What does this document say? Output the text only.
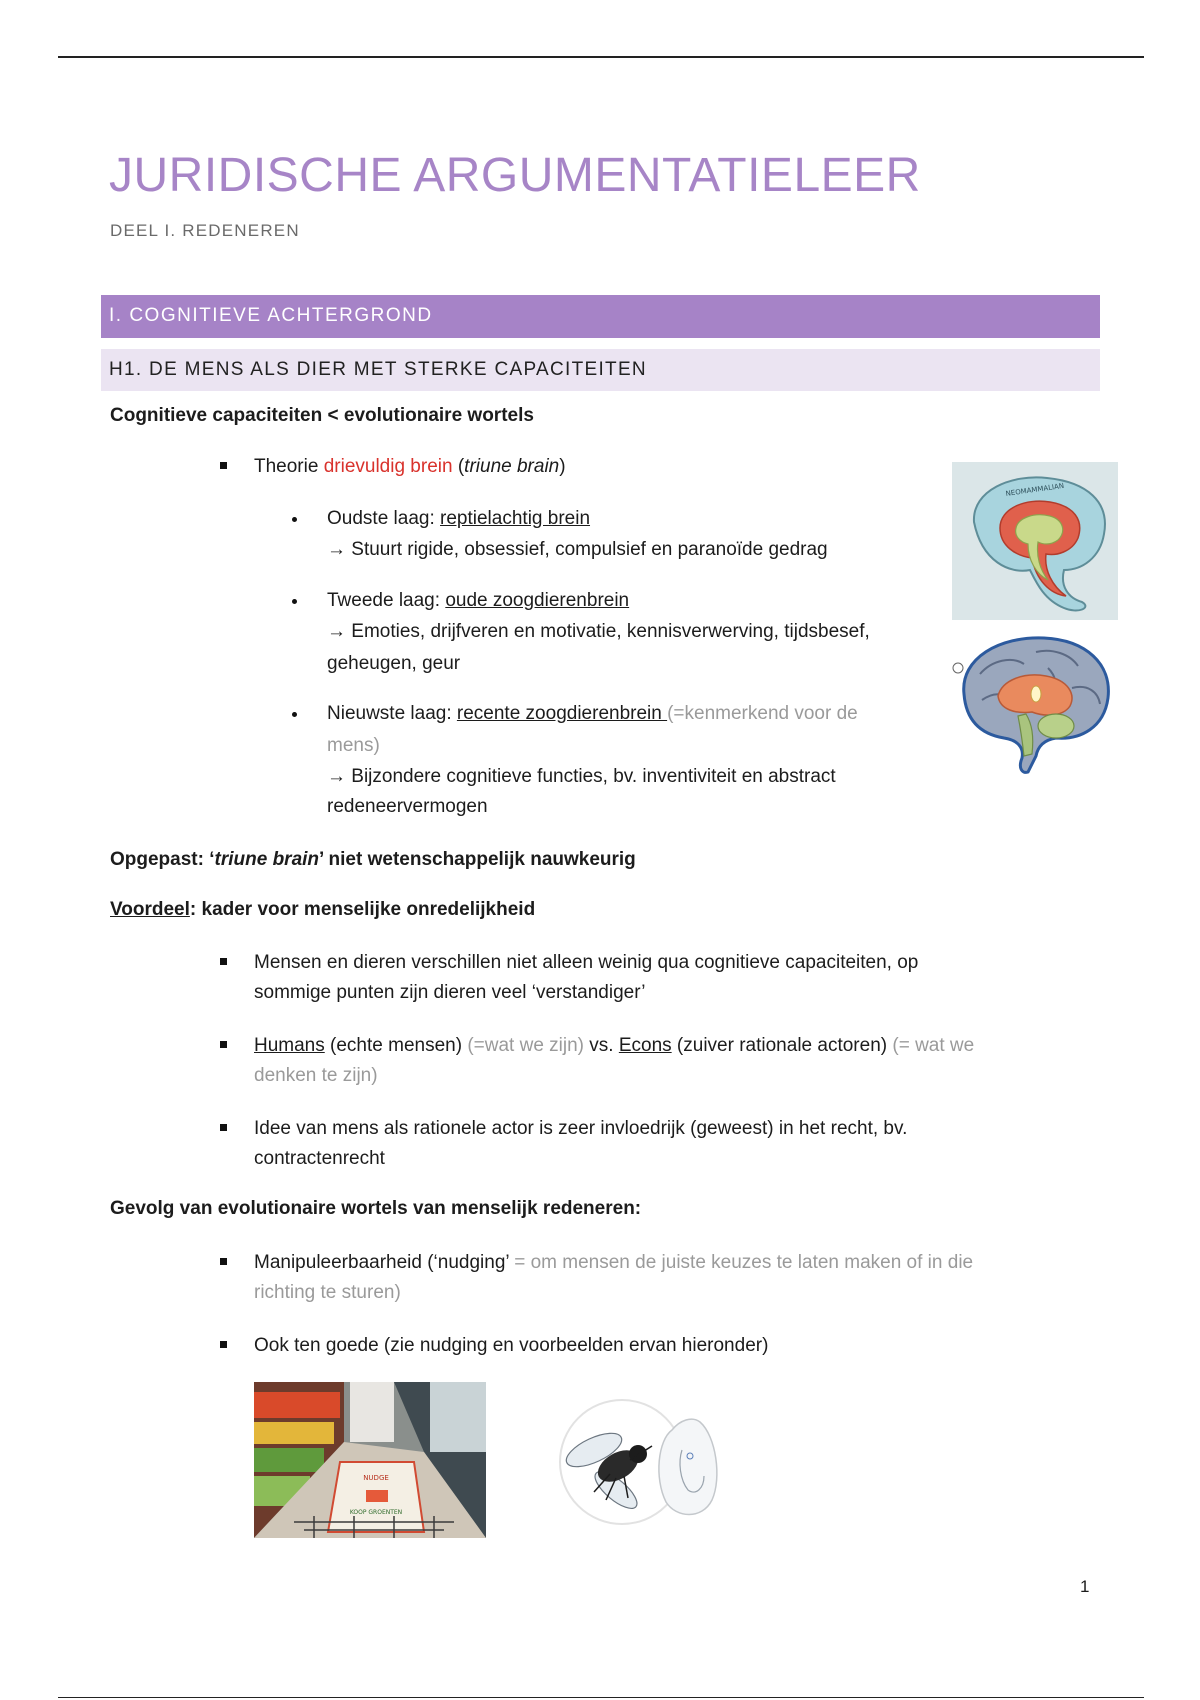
JURIDISCHE ARGUMENTATIELEER
DEEL I. REDENEREN
I. COGNITIEVE ACHTERGROND
H1. DE MENS ALS DIER MET STERKE CAPACITEITEN
Cognitieve capaciteiten < evolutionaire wortels
Theorie drievuldig brein (triune brain)
Oudste laag: reptielachtig brein
→ Stuurt rigide, obsessief, compulsief en paranoïde gedrag
Tweede laag: oude zoogdierenbrein
→ Emoties, drijfveren en motivatie, kennisverwerving, tijdsbesef,
geheugen, geur
Nieuwste laag: recente zoogdierenbrein (=kenmerkend voor de
mens)
→ Bijzondere cognitieve functies, bv. inventiviteit en abstract
redeneervermogen
NEOMAMMALIAN
Opgepast: ‘triune brain’ niet wetenschappelijk nauwkeurig
Voordeel: kader voor menselijke onredelijkheid
Mensen en dieren verschillen niet alleen weinig qua cognitieve capaciteiten, op
sommige punten zijn dieren veel ‘verstandiger’
Humans (echte mensen) (=wat we zijn) vs. Econs (zuiver rationale actoren) (= wat we
denken te zijn)
Idee van mens als rationele actor is zeer invloedrijk (geweest) in het recht, bv.
contractenrecht
Gevolg van evolutionaire wortels van menselijk redeneren:
Manipuleerbaarheid (‘nudging’ = om mensen de juiste keuzes te laten maken of in die
richting te sturen)
Ook ten goede (zie nudging en voorbeelden ervan hieronder)
NUDGE
KOOP GROENTEN
1
